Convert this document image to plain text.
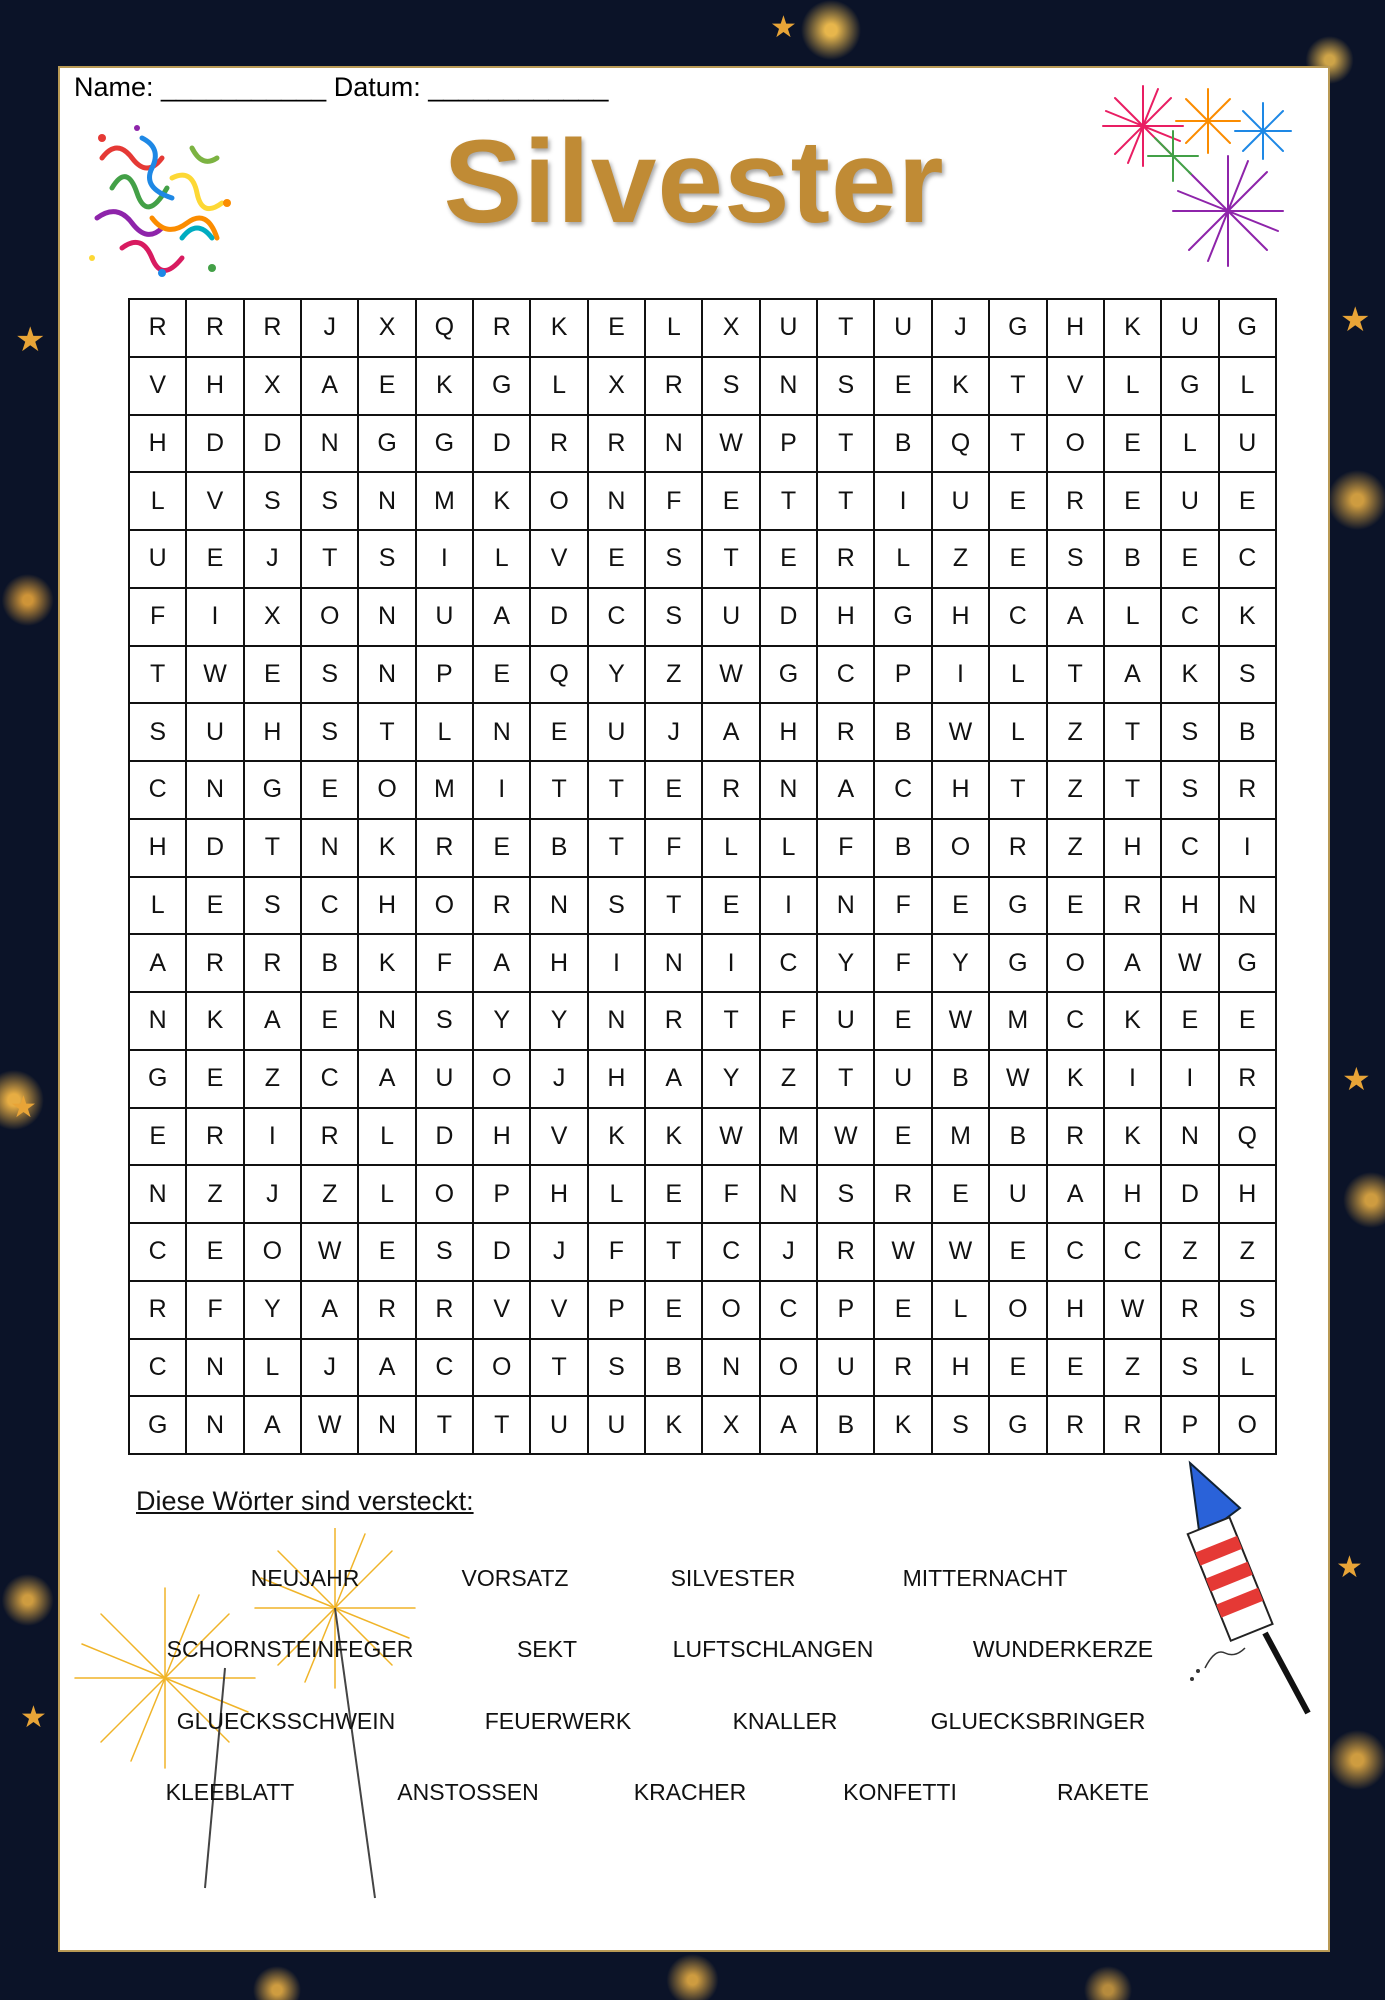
★	★
★
★
★
★
★
Name: ___________ Datum: ____________
Silvester
R	R	R	J	X	Q	R	K	E	L	X	U	T	U	J	G	H	K	U	G
V	H	X	A	E	K	G	L	X	R	S	N	S	E	K	T	V	L	G	L
H	D	D	N	G	G	D	R	R	N	W	P	T	B	Q	T	O	E	L	U
L	V	S	S	N	M	K	O	N	F	E	T	T	I	U	E	R	E	U	E
U	E	J	T	S	I	L	V	E	S	T	E	R	L	Z	E	S	B	E	C
F	I	X	O	N	U	A	D	C	S	U	D	H	G	H	C	A	L	C	K
T	W	E	S	N	P	E	Q	Y	Z	W	G	C	P	I	L	T	A	K	S
S	U	H	S	T	L	N	E	U	J	A	H	R	B	W	L	Z	T	S	B
C	N	G	E	O	M	I	T	T	E	R	N	A	C	H	T	Z	T	S	R
H	D	T	N	K	R	E	B	T	F	L	L	F	B	O	R	Z	H	C	I
L	E	S	C	H	O	R	N	S	T	E	I	N	F	E	G	E	R	H	N
A	R	R	B	K	F	A	H	I	N	I	C	Y	F	Y	G	O	A	W	G
N	K	A	E	N	S	Y	Y	N	R	T	F	U	E	W	M	C	K	E	E
G	E	Z	C	A	U	O	J	H	A	Y	Z	T	U	B	W	K	I	I	R
E	R	I	R	L	D	H	V	K	K	W	M	W	E	M	B	R	K	N	Q
N	Z	J	Z	L	O	P	H	L	E	F	N	S	R	E	U	A	H	D	H
C	E	O	W	E	S	D	J	F	T	C	J	R	W	W	E	C	C	Z	Z
R	F	Y	A	R	R	V	V	P	E	O	C	P	E	L	O	H	W	R	S
C	N	L	J	A	C	O	T	S	B	N	O	U	R	H	E	E	Z	S	L
G	N	A	W	N	T	T	U	U	K	X	A	B	K	S	G	R	R	P	O
Diese Wörter sind versteckt:
NEUJAHR	VORSATZ	SILVESTER	MITTERNACHT
SCHORNSTEINFEGER	SEKT	LUFTSCHLANGEN	WUNDERKERZE
GLUECKSSCHWEIN	FEUERWERK	KNALLER	GLUECKSBRINGER
KLEEBLATT	ANSTOSSEN	KRACHER	KONFETTI	RAKETE
